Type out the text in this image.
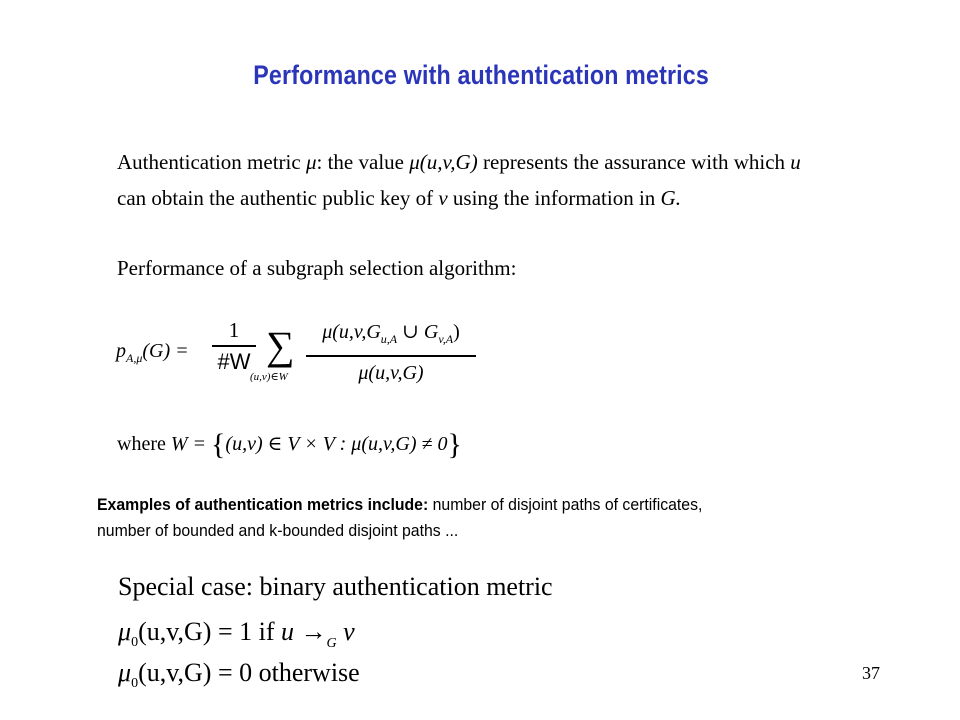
Performance with authentication metrics
Authentication metric μ: the value μ(u,v,G) represents the assurance with which u
can obtain the authentic public key of v using the information in G.
Performance of a subgraph selection algorithm:
$p_{A,\mu}(G)$ =
1
#W ∑
(u,v)∈W
$\mu(u,v,G_{u,A}$ ∪ $G_{v,A}$)
μ(u,v,G)
where W = {(u,v) ∈ V × V : μ(u,v,G) ≠ 0}
Examples of authentication metrics include: number of disjoint paths of certificates, number of bounded and k-bounded disjoint paths ...
Special case: binary authentication metric
$\mu_0(u,v,G) = 1$ if $u \to_G$ v
$\mu_0(u,v,G) = 0$ otherwise	37
